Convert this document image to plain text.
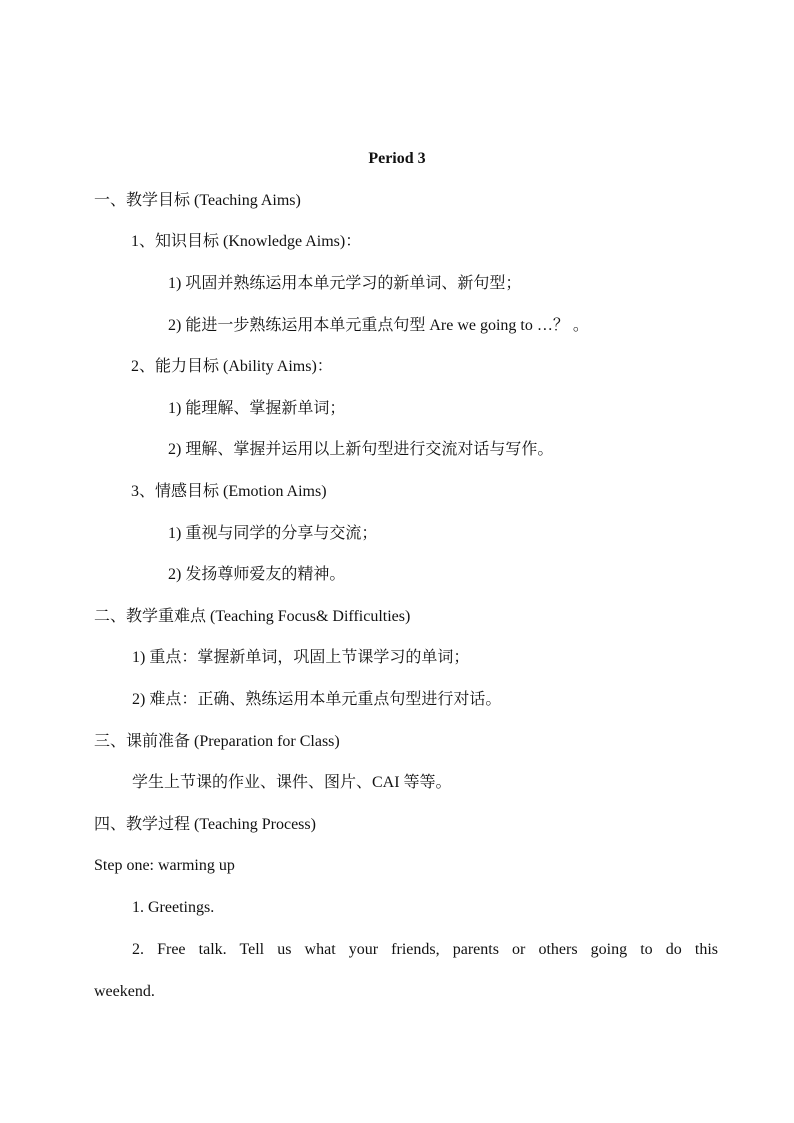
Period 3
一、教学目标 (Teaching Aims)
1、知识目标 (Knowledge Aims)：
1) 巩固并熟练运用本单元学习的新单词、新句型；
2) 能进一步熟练运用本单元重点句型 Are we going to …？ 。
2、能力目标 (Ability Aims)：
1) 能理解、掌握新单词；
2) 理解、掌握并运用以上新句型进行交流对话与写作。
3、情感目标 (Emotion Aims)
1) 重视与同学的分享与交流；
2) 发扬尊师爱友的精神。
二、教学重难点 (Teaching Focus& Difficulties)
1) 重点：掌握新单词，巩固上节课学习的单词；
2) 难点：正确、熟练运用本单元重点句型进行对话。
三、课前准备 (Preparation for Class)
学生上节课的作业、课件、图片、CAI 等等。
四、教学过程 (Teaching Process)
Step one: warming up
1. Greetings.
2. Free talk. Tell us what your friends, parents or others going to do this
weekend.
